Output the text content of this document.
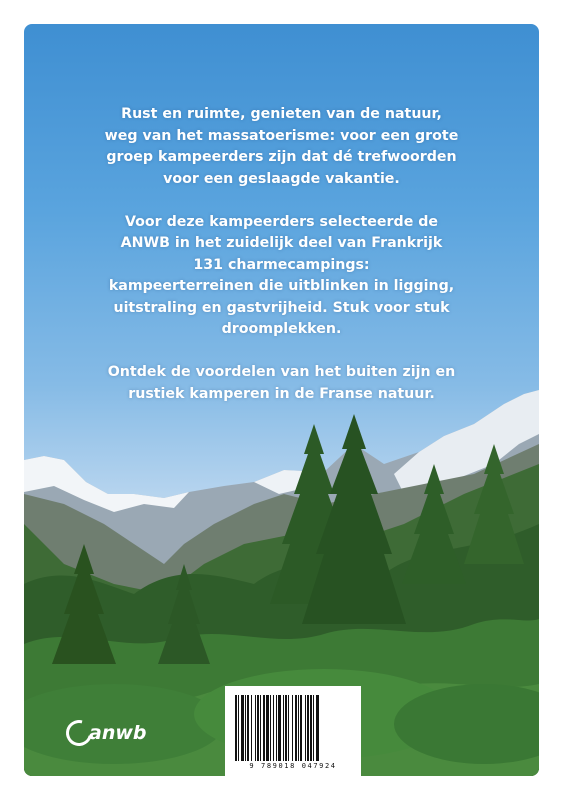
Rust en ruimte, genieten van de natuur,
weg van het massatoerisme: voor een grote
groep kampeerders zijn dat dé trefwoorden
voor een geslaagde vakantie.

Voor deze kampeerders selecteerde de
ANWB in het zuidelijk deel van Frankrijk
131 charmecampings:
kampeerterreinen die uitblinken in ligging,
uitstraling en gastvrijheid. Stuk voor stuk
droomplekken.

Ontdek de voordelen van het buiten zijn en
rustiek kamperen in de Franse natuur.

anwb
9 789018 047924
